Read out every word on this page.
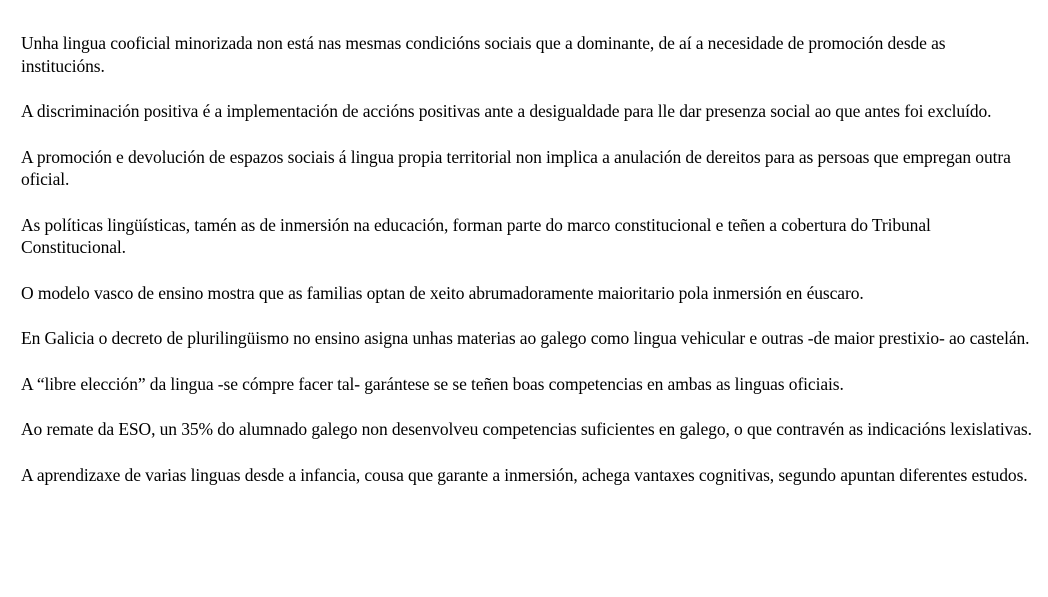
Unha lingua cooficial minorizada non está nas mesmas condicións sociais que a dominante, de aí a necesidade de promoción desde as institucións.

A discriminación positiva é a implementación de accións positivas ante a desigualdade para lle dar presenza social ao que antes foi excluído.

A promoción e devolución de espazos sociais á lingua propia territorial non implica a anulación de dereitos para as persoas que empregan outra oficial.

As políticas lingüísticas, tamén as de inmersión na educación, forman parte do marco constitucional e teñen a cobertura do Tribunal Constitucional.

O modelo vasco de ensino mostra que as familias optan de xeito abrumadoramente maioritario pola inmersión en éuscaro.

En Galicia o decreto de plurilingüismo no ensino asigna unhas materias ao galego como lingua vehicular e outras -de maior prestixio- ao castelán.

A “libre elección” da lingua -se cómpre facer tal- garántese se se teñen boas competencias en ambas as linguas oficiais.

Ao remate da ESO, un 35% do alumnado galego non desenvolveu competencias suficientes en galego, o que contravén as indicacións lexislativas.

A aprendizaxe de varias linguas desde a infancia, cousa que garante a inmersión, achega vantaxes cognitivas, segundo apuntan diferentes estudos.
